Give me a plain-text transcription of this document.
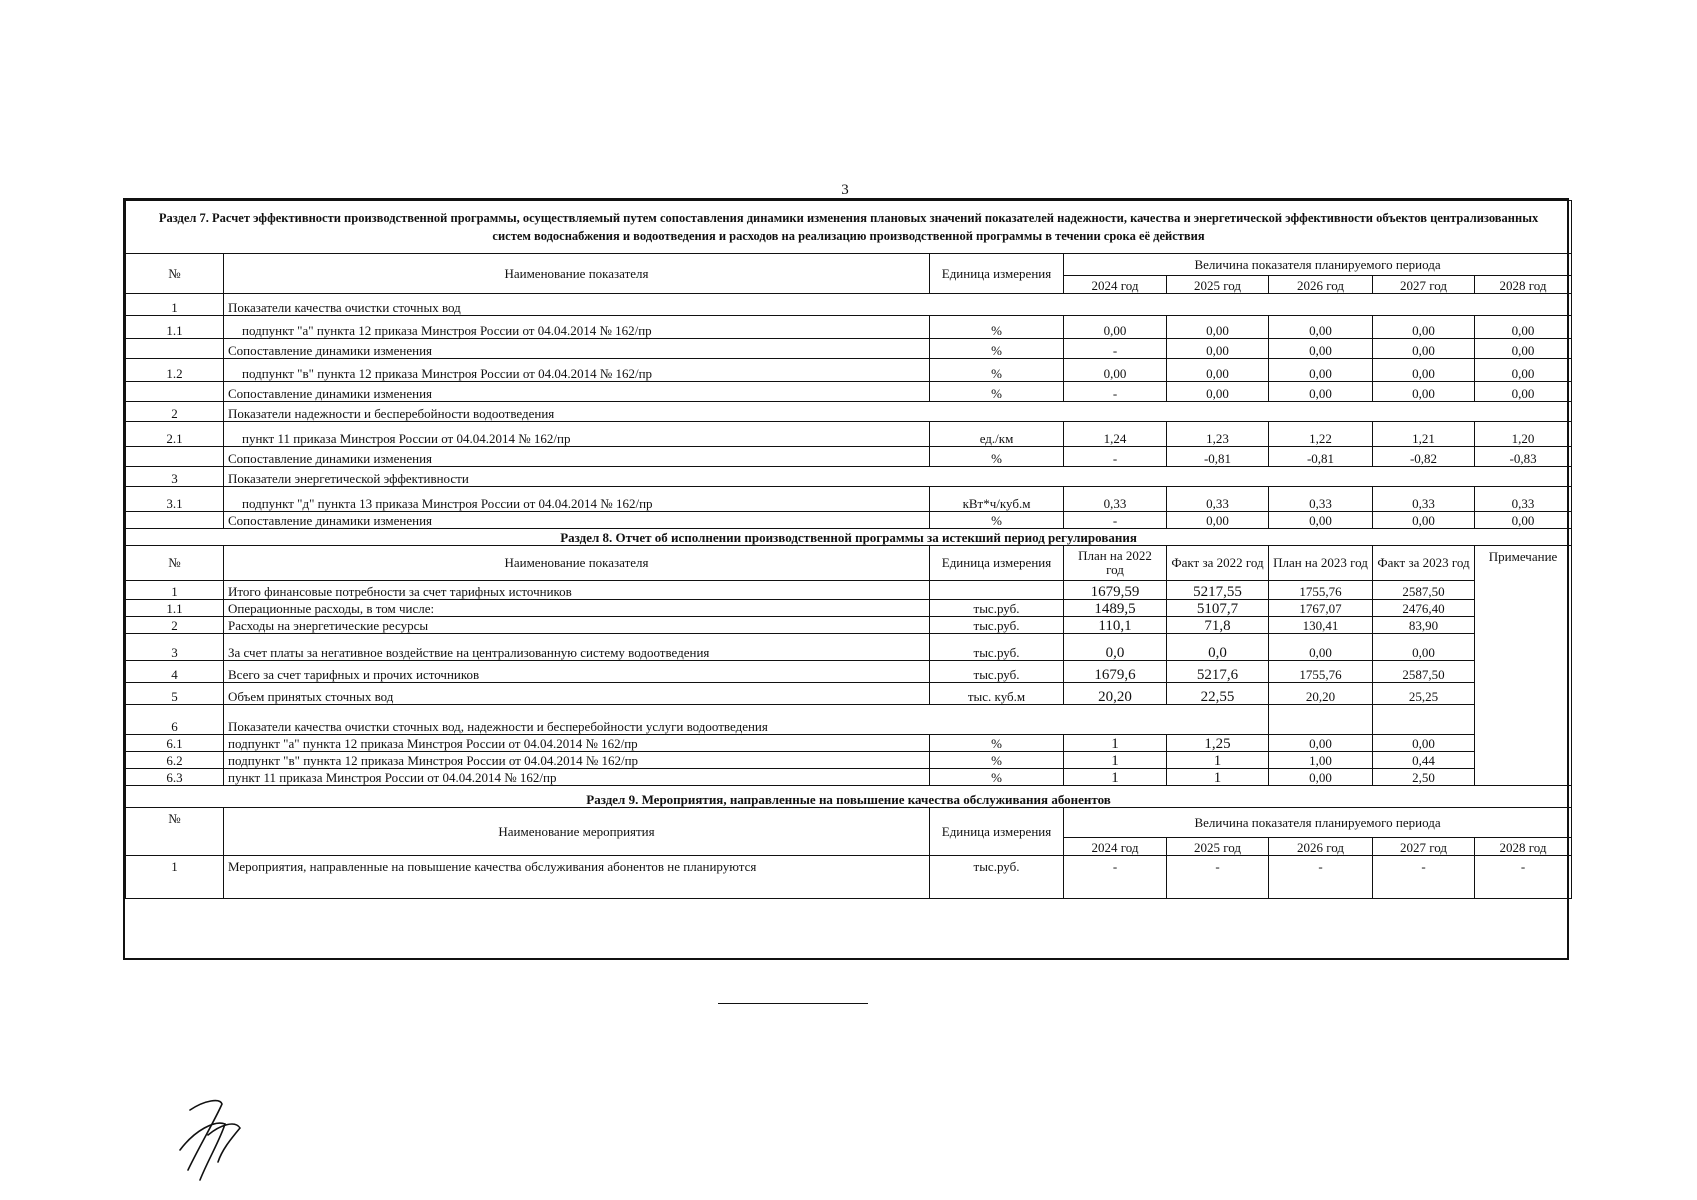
3
Раздел 7. Расчет эффективности производственной программы, осуществляемый путем сопоставления динамики изменения плановых значений показателей надежности, качества и энергетической эффективности объектов централизованных систем водоснабжения и водоотведения и расходов на реализацию производственной программы в течении срока её действия								
№	Наименование показателя	Единица измерения	Величина показателя планируемого периода					
			2024 год	2025 год	2026 год	2027 год	2028 год	
1	Показатели качества очистки сточных вод							
1.1	подпункт "а" пункта 12 приказа Минстроя России от 04.04.2014 № 162/пр	%	0,00	0,00	0,00	0,00	0,00	
	Сопоставление динамики изменения	%	-	0,00	0,00	0,00	0,00	
1.2	подпункт "в" пункта 12 приказа Минстроя России от 04.04.2014 № 162/пр	%	0,00	0,00	0,00	0,00	0,00	
	Сопоставление динамики изменения	%	-	0,00	0,00	0,00	0,00	
2	Показатели надежности и бесперебойности водоотведения							
2.1	пункт 11 приказа Минстроя России от 04.04.2014 № 162/пр	ед./км	1,24	1,23	1,22	1,21	1,20	
	Сопоставление динамики изменения	%	-	-0,81	-0,81	-0,82	-0,83	
3	Показатели энергетической эффективности							
3.1	подпункт "д" пункта 13 приказа Минстроя России от 04.04.2014 № 162/пр	кВт*ч/куб.м	0,33	0,33	0,33	0,33	0,33	
	Сопоставление динамики изменения	%	-	0,00	0,00	0,00	0,00	
Раздел 8. Отчет об исполнении производственной программы за истекший период регулирования								
№	Наименование показателя	Единица измерения	План на 2022 год	Факт за 2022 год	План на 2023 год	Факт за 2023 год	Примечание	
1	Итого финансовые потребности за счет тарифных источников		1679,59	5217,55	1755,76	2587,50		
1.1	Операционные расходы, в том числе:	тыс.руб.	1489,5	5107,7	1767,07	2476,40		
2	Расходы на энергетические ресурсы	тыс.руб.	110,1	71,8	130,41	83,90		
3	За счет платы за негативное воздействие на централизованную систему водоотведения	тыс.руб.	0,0	0,0	0,00	0,00		
4	Всего за счет тарифных и прочих источников	тыс.руб.	1679,6	5217,6	1755,76	2587,50		
5	Объем принятых сточных вод	тыс. куб.м	20,20	22,55	20,20	25,25		
6	Показатели качества очистки сточных вод, надежности и бесперебойности услуги водоотведения							
6.1	подпункт "а" пункта 12 приказа Минстроя России от 04.04.2014 № 162/пр	%	1	1,25	0,00	0,00		
6.2	подпункт "в" пункта 12 приказа Минстроя России от 04.04.2014 № 162/пр	%	1	1	1,00	0,44		
6.3	пункт 11 приказа Минстроя России от 04.04.2014 № 162/пр	%	1	1	0,00	2,50		
Раздел 9. Мероприятия, направленные на повышение качества обслуживания абонентов								
№	Наименование мероприятия	Единица измерения	Величина показателя планируемого периода					
			2024 год	2025 год	2026 год	2027 год	2028 год	
1	Мероприятия, направленные на повышение качества обслуживания абонентов не планируются	тыс.руб.	-	-	-	-	-	
